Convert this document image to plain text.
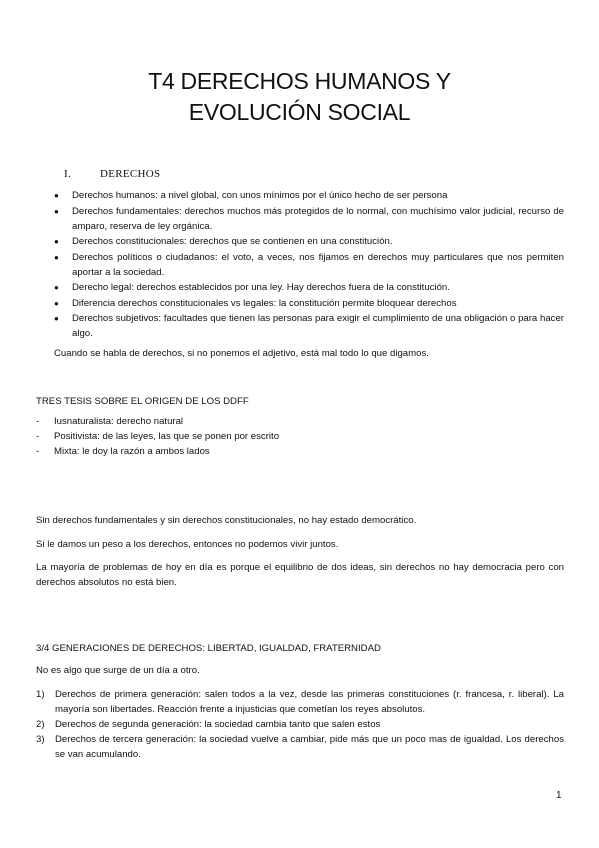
T4 DERECHOS HUMANOS Y
EVOLUCIÓN SOCIAL
I.	DERECHOS
● Derechos humanos: a nivel global, con unos mínimos por el único hecho de ser persona
● Derechos fundamentales: derechos muchos más protegidos de lo normal, con muchísimo valor judicial, recurso de amparo, reserva de ley orgánica.
● Derechos constitucionales: derechos que se contienen en una constitución.
● Derechos políticos o ciudadanos: el voto, a veces, nos fijamos en derechos muy particulares que nos permiten aportar a la sociedad.
● Derecho legal: derechos establecidos por una ley. Hay derechos fuera de la constitución.
● Diferencia derechos constitucionales vs legales: la constitución permite bloquear derechos
● Derechos subjetivos: facultades que tienen las personas para exigir el cumplimiento de una obligación o para hacer algo.
Cuando se habla de derechos, si no ponemos el adjetivo, está mal todo lo que digamos.
TRES TESIS SOBRE EL ORIGEN DE LOS DDFF
- Iusnaturalista: derecho natural
- Positivista: de las leyes, las que se ponen por escrito
- Mixta: le doy la razón a ambos lados
Sin derechos fundamentales y sin derechos constitucionales, no hay estado democrático.
Si le damos un peso a los derechos, entonces no podemos vivir juntos.
La mayoría de problemas de hoy en día es porque el equilibrio de dos ideas, sin derechos no hay democracia pero con derechos absolutos no está bien.
3/4 GENERACIONES DE DERECHOS: LIBERTAD, IGUALDAD, FRATERNIDAD
No es algo que surge de un día a otro.
1) Derechos de primera generación: salen todos a la vez, desde las primeras constituciones (r. francesa, r. liberal). La mayoría son libertades. Reacción frente a injusticias que cometían los reyes absolutos.
2) Derechos de segunda generación: la sociedad cambia tanto que salen estos
3) Derechos de tercera generación: la sociedad vuelve a cambiar, pide más que un poco mas de igualdad. Los derechos se van acumulando.
1
